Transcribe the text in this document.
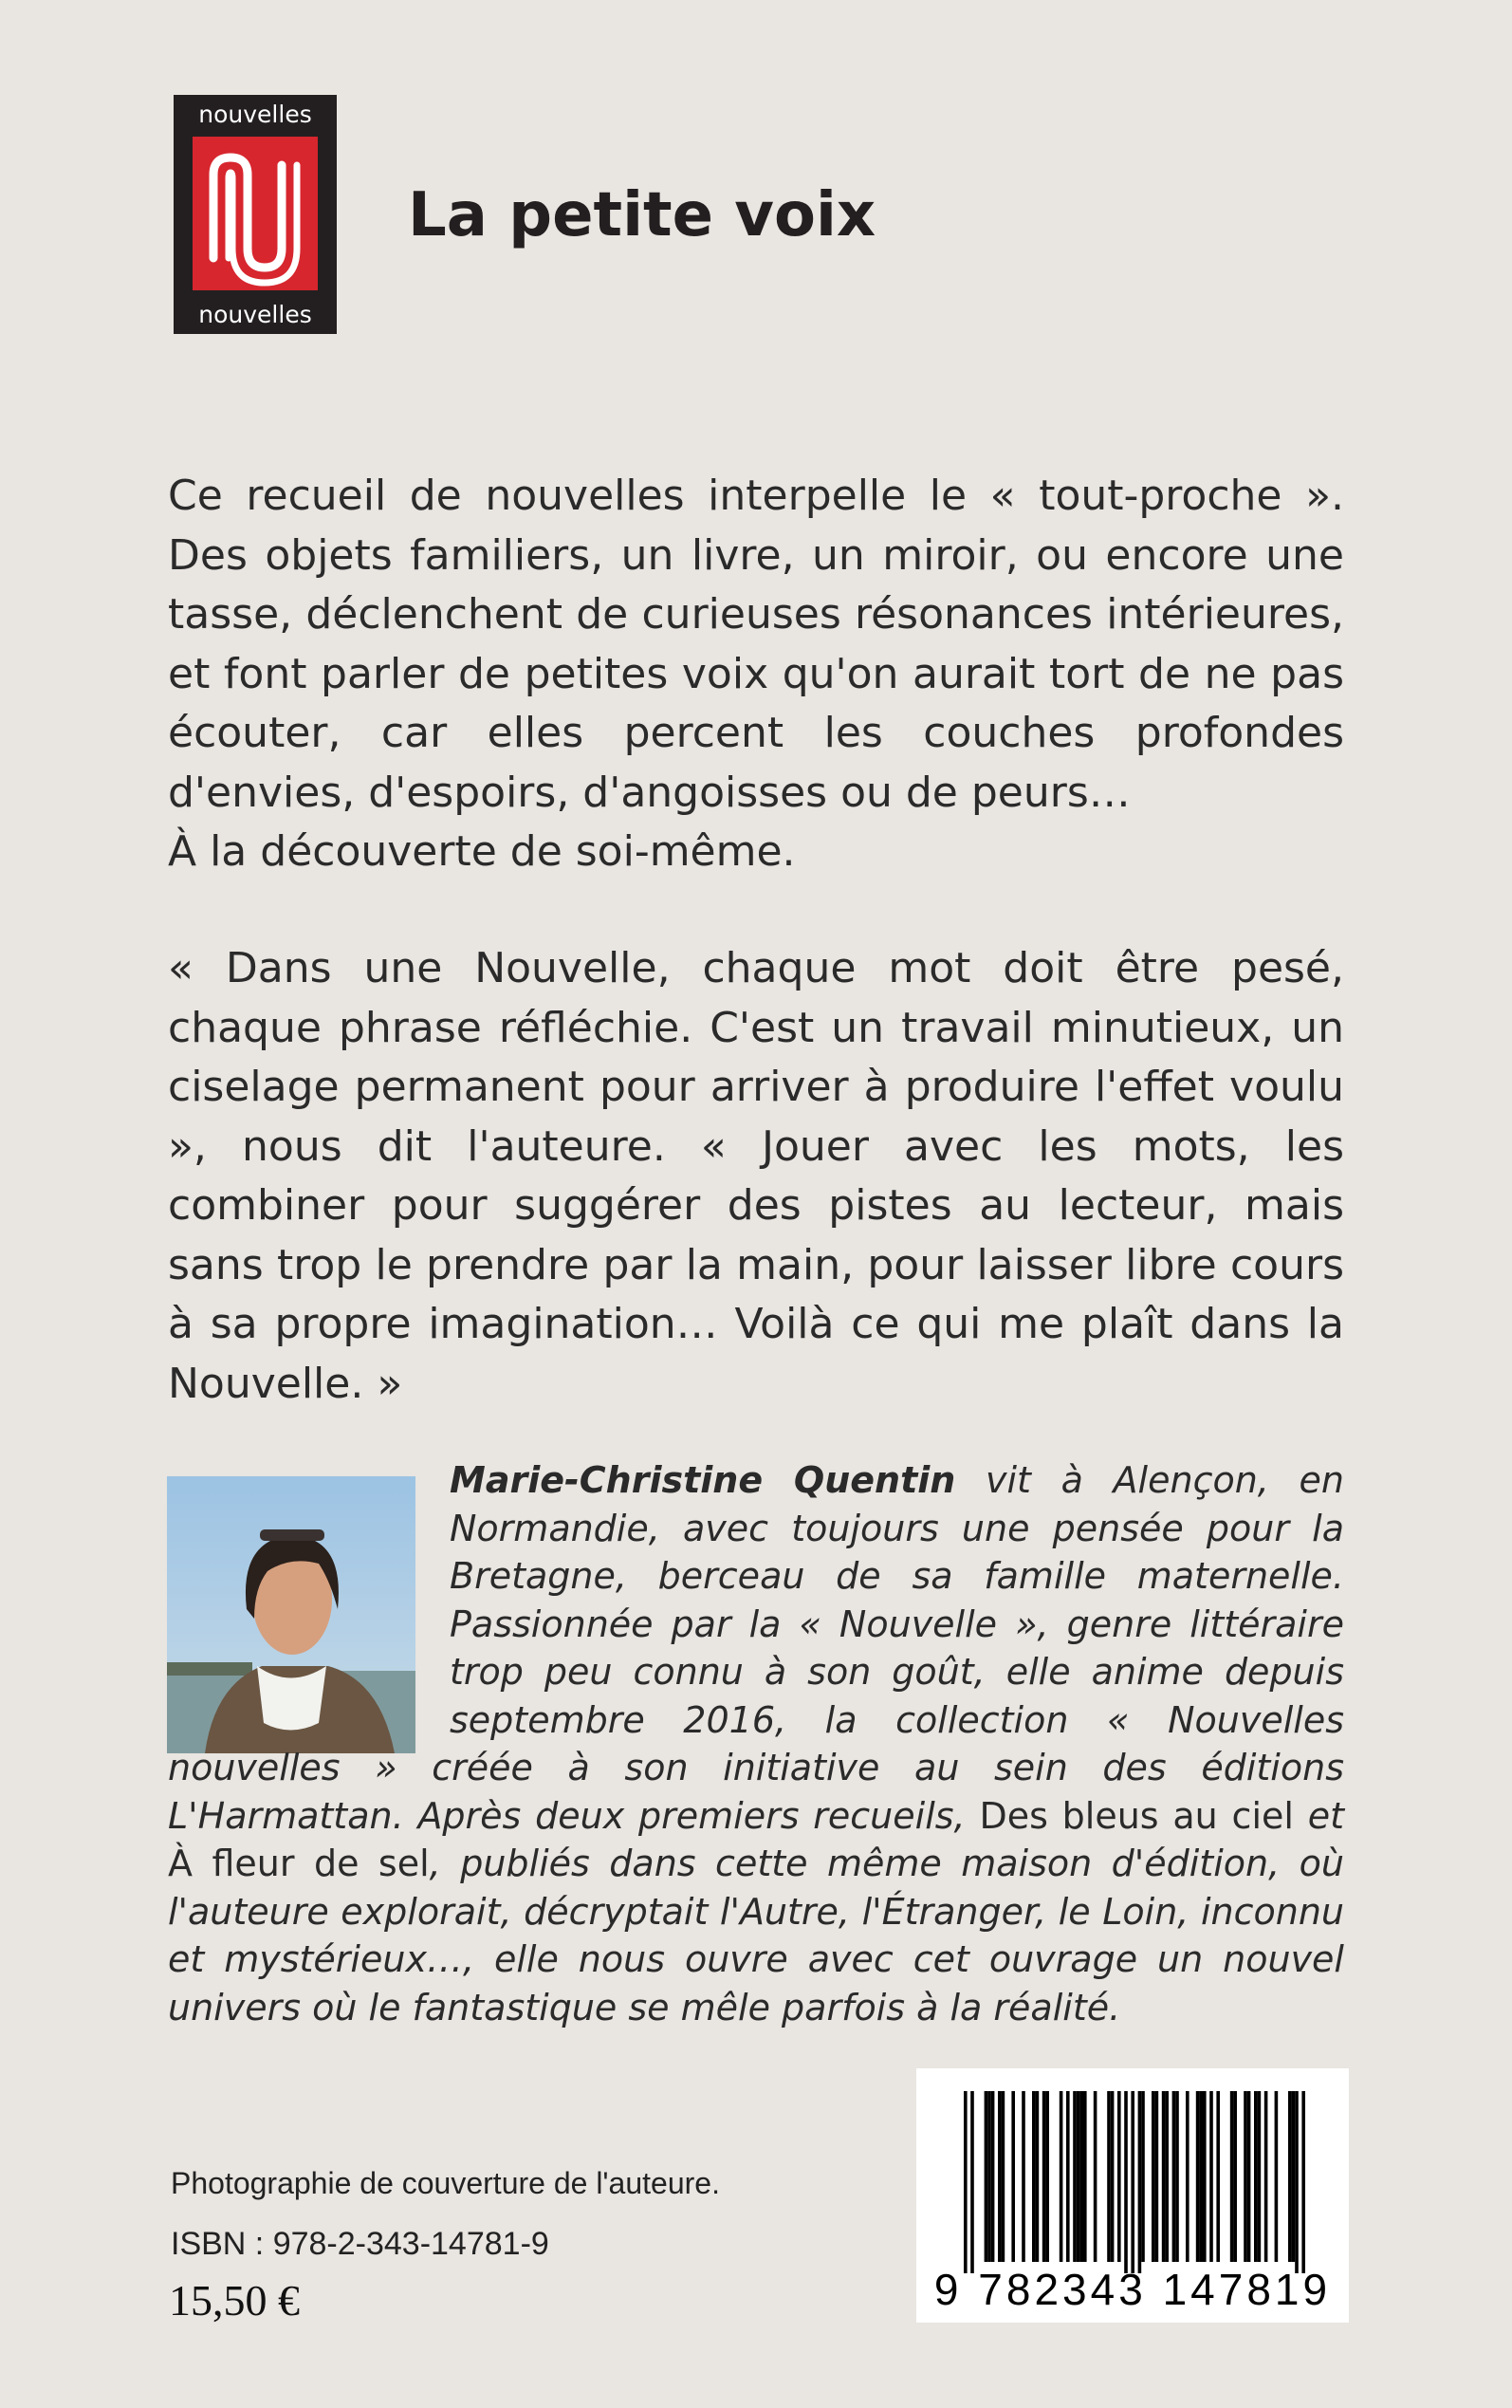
nouvelles
nouvelles
La petite voix

Ce recueil de nouvelles interpelle le « tout-proche ». Des objets familiers, un livre, un miroir, ou encore une tasse, déclenchent de curieuses résonances intérieures, et font parler de petites voix qu'on aurait tort de ne pas écouter, car elles percent les couches profondes d'envies, d'espoirs, d'angoisses ou de peurs…

À la découverte de soi-même.

« Dans une Nouvelle, chaque mot doit être pesé, chaque phrase réfléchie. C'est un travail minutieux, un ciselage permanent pour arriver à produire l'effet voulu », nous dit l'auteure. « Jouer avec les mots, les combiner pour suggérer des pistes au lecteur, mais sans trop le prendre par la main, pour laisser libre cours à sa propre imagination… Voilà ce qui me plaît dans la Nouvelle. »

Marie-Christine Quentin vit à Alençon, en Normandie, avec toujours une pensée pour la Bretagne, berceau de sa famille maternelle. Passionnée par la « Nouvelle », genre littéraire trop peu connu à son goût, elle anime depuis septembre 2016, la collection « Nouvelles nouvelles » créée à son initiative au sein des éditions L'Harmattan. Après deux premiers recueils, Des bleus au ciel et À fleur de sel, publiés dans cette même maison d'édition, où l'auteure explorait, décryptait l'Autre, l'Étranger, le Loin, inconnu et mystérieux…, elle nous ouvre avec cet ouvrage un nouvel univers où le fantastique se mêle parfois à la réalité.

Photographie de couverture de l'auteure.

ISBN : 978-2-343-14781-9

15,50 €	9 782343 147819
